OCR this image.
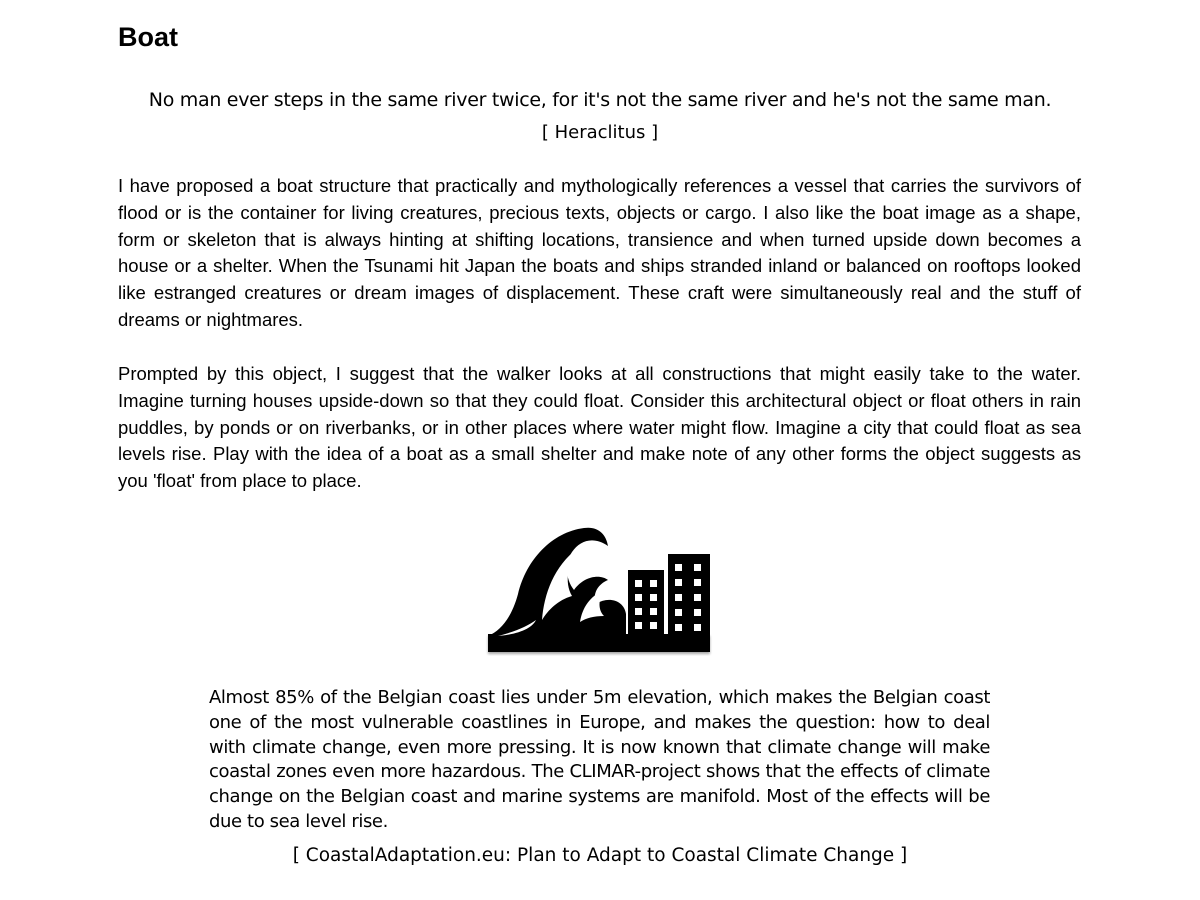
Boat
No man ever steps in the same river twice, for it's not the same river and he's not the same man.
[ Heraclitus ]

I have proposed a boat structure that practically and mythologically references a vessel that carries the survivors of flood or is the container for living creatures, precious texts, objects or cargo. I also like the boat image as a shape, form or skeleton that is always hinting at shifting locations, transience and when turned upside down becomes a house or a shelter. When the Tsunami hit Japan the boats and ships stranded inland or balanced on rooftops looked like estranged creatures or dream images of displacement. These craft were simultaneously real and the stuff of dreams or nightmares.

Prompted by this object, I suggest that the walker looks at all constructions that might easily take to the water. Imagine turning houses upside-down so that they could float. Consider this architectural object or float others in rain puddles, by ponds or on riverbanks, or in other places where water might flow. Imagine a city that could float as sea levels rise. Play with the idea of a boat as a small shelter and make note of any other forms the object suggests as you 'float' from place to place.

Almost 85% of the Belgian coast lies under 5m elevation, which makes the Belgian coast one of the most vulnerable coastlines in Europe, and makes the question: how to deal with climate change, even more pressing. It is now known that climate change will make coastal zones even more hazardous. The CLIMAR-project shows that the effects of climate change on the Belgian coast and marine systems are manifold. Most of the effects will be due to sea level rise.

[ CoastalAdaptation.eu: Plan to Adapt to Coastal Climate Change ]
